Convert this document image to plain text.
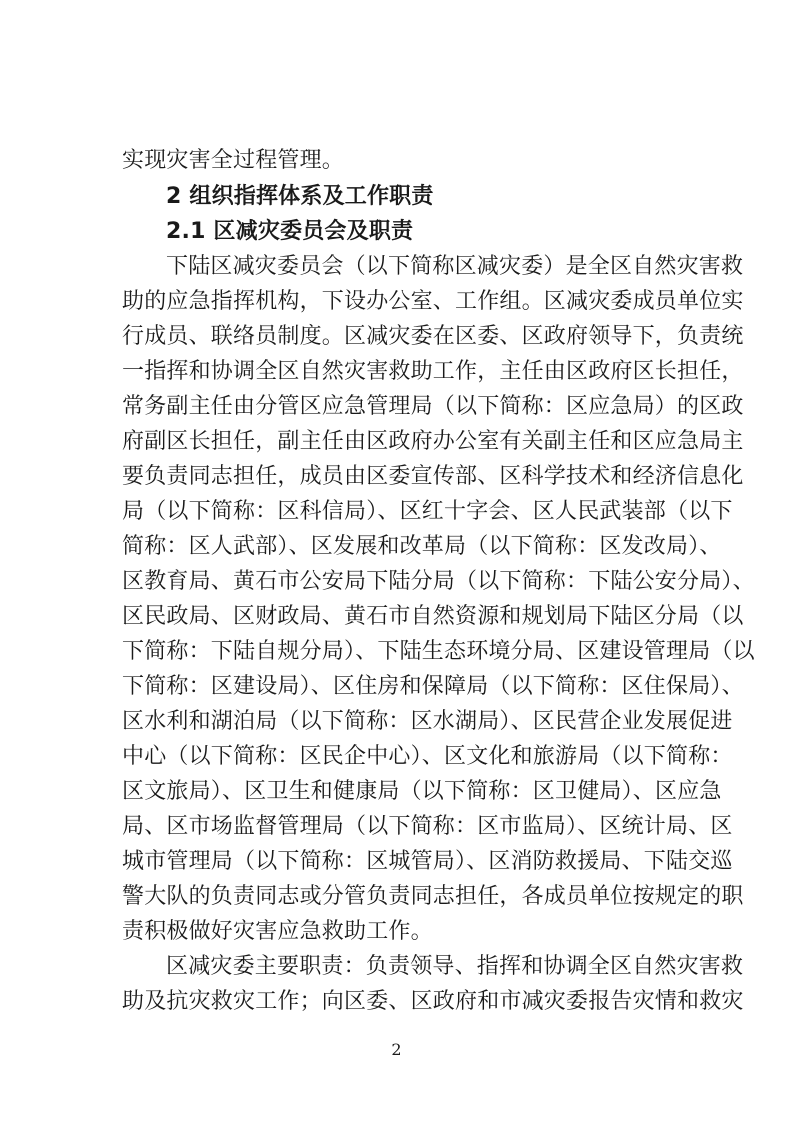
实现灾害全过程管理。
2 组织指挥体系及工作职责
2.1 区减灾委员会及职责
下陆区减灾委员会（以下简称区减灾委）是全区自然灾害救
助的应急指挥机构，下设办公室、工作组。区减灾委成员单位实
行成员、联络员制度。区减灾委在区委、区政府领导下，负责统
一指挥和协调全区自然灾害救助工作，主任由区政府区长担任，
常务副主任由分管区应急管理局（以下简称：区应急局）的区政
府副区长担任，副主任由区政府办公室有关副主任和区应急局主
要负责同志担任，成员由区委宣传部、区科学技术和经济信息化
局（以下简称：区科信局）、区红十字会、区人民武装部（以下
简称：区人武部）、区发展和改革局（以下简称：区发改局）、
区教育局、黄石市公安局下陆分局（以下简称：下陆公安分局）、
区民政局、区财政局、黄石市自然资源和规划局下陆区分局（以
下简称：下陆自规分局）、下陆生态环境分局、区建设管理局（以
下简称：区建设局）、区住房和保障局（以下简称：区住保局）、
区水利和湖泊局（以下简称：区水湖局）、区民营企业发展促进
中心（以下简称：区民企中心）、区文化和旅游局（以下简称：
区文旅局）、区卫生和健康局（以下简称：区卫健局）、区应急
局、区市场监督管理局（以下简称：区市监局）、区统计局、区
城市管理局（以下简称：区城管局）、区消防救援局、下陆交巡
警大队的负责同志或分管负责同志担任，各成员单位按规定的职
责积极做好灾害应急救助工作。
区减灾委主要职责：负责领导、指挥和协调全区自然灾害救
助及抗灾救灾工作；向区委、区政府和市减灾委报告灾情和救灾
2
